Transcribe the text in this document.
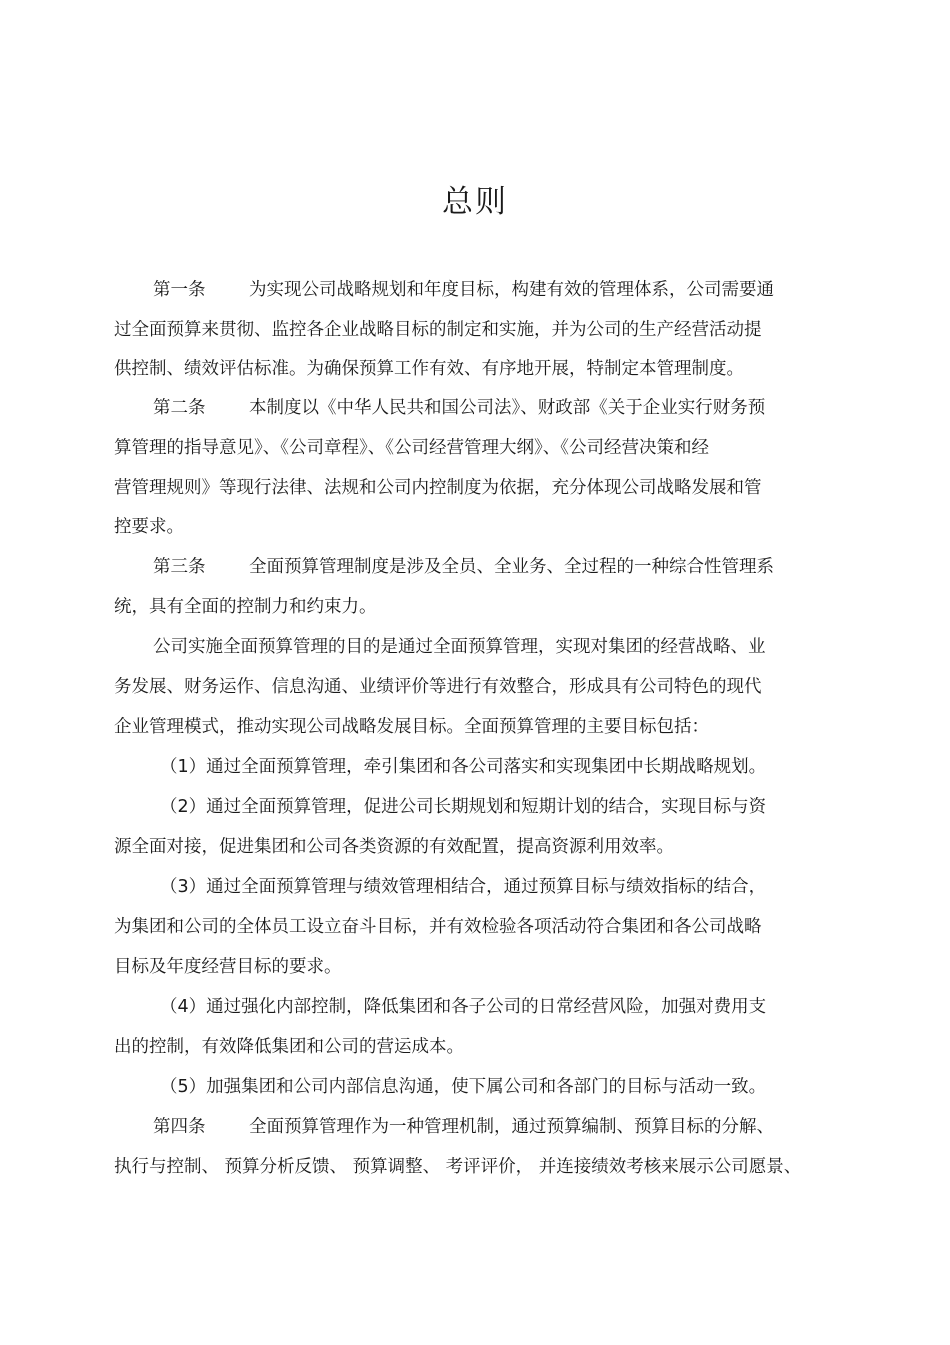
总则

第一条 为实现公司战略规划和年度目标，构建有效的管理体系，公司需要通

过全面预算来贯彻、监控各企业战略目标的制定和实施，并为公司的生产经营活动提

供控制、绩效评估标准。为确保预算工作有效、有序地开展，特制定本管理制度。

第二条 本制度以《中华人民共和国公司法》、财政部《关于企业实行财务预

算管理的指导意见》、《公司章程》、《公司经营管理大纲》、《公司经营决策和经

营管理规则》等现行法律、法规和公司内控制度为依据，充分体现公司战略发展和管

控要求。

第三条 全面预算管理制度是涉及全员、全业务、全过程的一种综合性管理系

统，具有全面的控制力和约束力。

公司实施全面预算管理的目的是通过全面预算管理，实现对集团的经营战略、业

务发展、财务运作、信息沟通、业绩评价等进行有效整合，形成具有公司特色的现代

企业管理模式，推动实现公司战略发展目标。全面预算管理的主要目标包括：

（1）通过全面预算管理，牵引集团和各公司落实和实现集团中长期战略规划。

（2）通过全面预算管理，促进公司长期规划和短期计划的结合，实现目标与资

源全面对接，促进集团和公司各类资源的有效配置，提高资源利用效率。

（3）通过全面预算管理与绩效管理相结合，通过预算目标与绩效指标的结合，

为集团和公司的全体员工设立奋斗目标，并有效检验各项活动符合集团和各公司战略

目标及年度经营目标的要求。

（4）通过强化内部控制，降低集团和各子公司的日常经营风险，加强对费用支

出的控制，有效降低集团和公司的营运成本。

（5）加强集团和公司内部信息沟通，使下属公司和各部门的目标与活动一致。

第四条 全面预算管理作为一种管理机制，通过预算编制、预算目标的分解、

执行与控制、 预算分析反馈、 预算调整、 考评评价， 并连接绩效考核来展示公司愿景、
